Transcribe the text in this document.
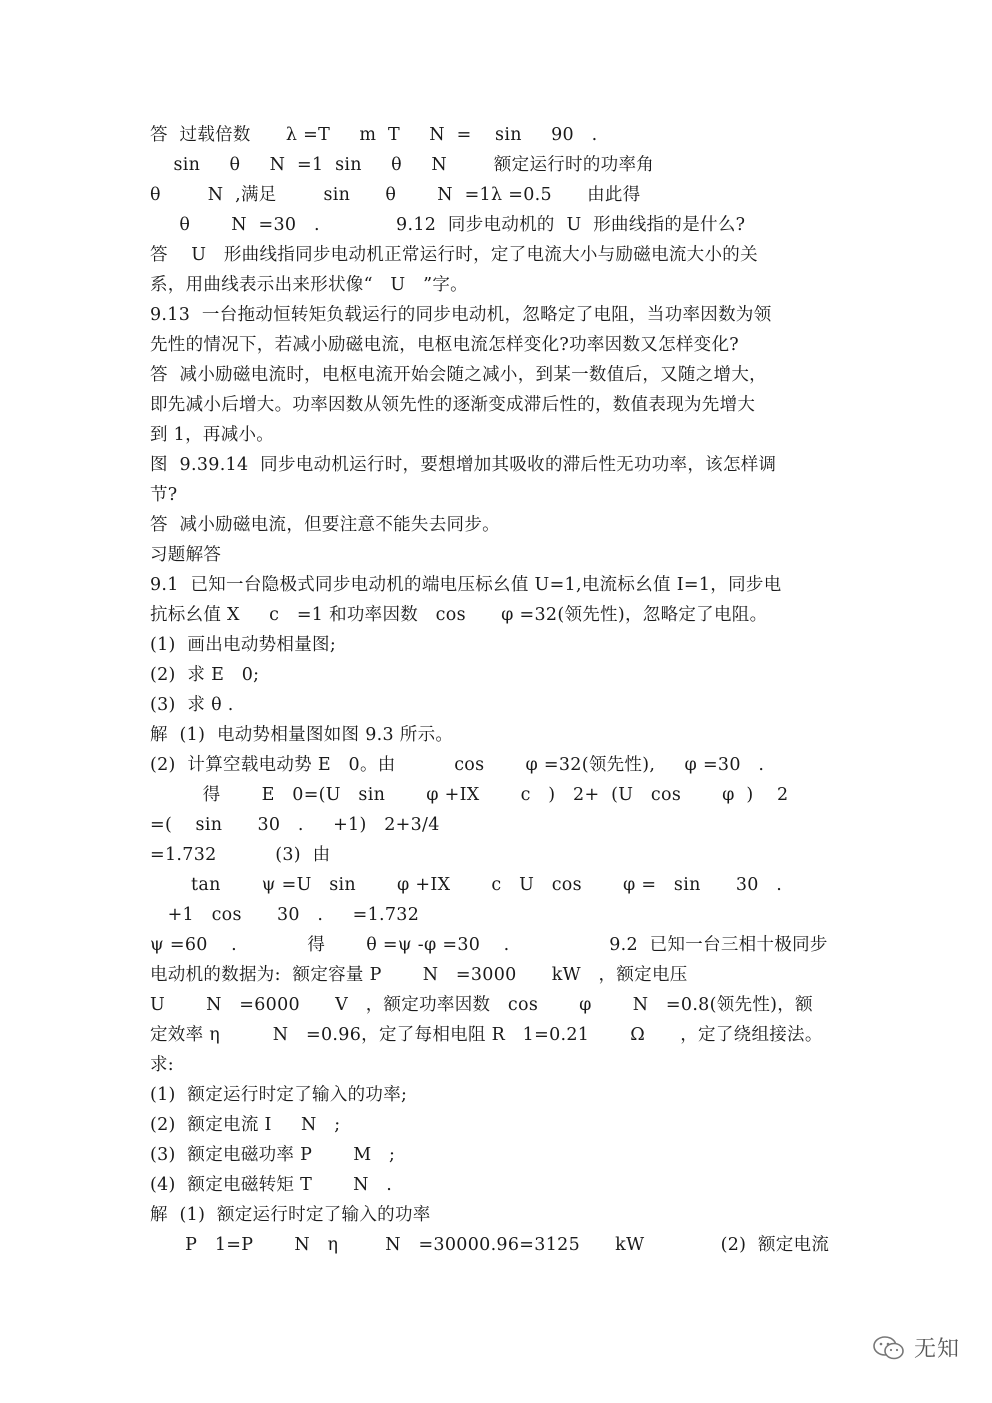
答  过载倍数      λ =T     m  T     N  =    sin     90   .
sin     θ     N  =1  sin     θ     N        额定运行时的功率角
θ        N  ,满足        sin      θ       N  =1λ =0.5      由此得
θ       N  =30   .             9.12  同步电动机的  U  形曲线指的是什么?
答    U   形曲线指同步电动机正常运行时，定了电流大小与励磁电流大小的关
系，用曲线表示出来形状像“   U   ”字。
9.13  一台拖动恒转矩负载运行的同步电动机，忽略定了电阻，当功率因数为领
先性的情况下，若减小励磁电流，电枢电流怎样变化?功率因数又怎样变化?
答  减小励磁电流时，电枢电流开始会随之减小，到某一数值后，又随之增大，
即先减小后增大。功率因数从领先性的逐渐变成滞后性的，数值表现为先增大
到 1，再减小。
图  9.39.14  同步电动机运行时，要想增加其吸收的滞后性无功功率，该怎样调
节?
答  减小励磁电流，但要注意不能失去同步。
习题解答
9.1  已知一台隐极式同步电动机的端电压标幺值 U=1,电流标幺值 I=1，同步电
抗标幺值 X     c   =1 和功率因数   cos      φ =32(领先性)，忽略定了电阻。
(1)  画出电动势相量图;
(2)  求 E   0;
(3)  求 θ .
解  (1)  电动势相量图如图 9.3 所示。
(2)  计算空载电动势 E   0。由          cos       φ =32(领先性),     φ =30   .
得       E   0=(U   sin       φ +IX       c   )   2+  (U   cos       φ  )    2
=(    sin      30   .     +1)   2+3/4
=1.732          (3)  由
tan       ψ =U   sin       φ +IX       c   U   cos       φ =   sin      30   .
+1   cos      30   .     =1.732
ψ =60    .            得       θ =ψ -φ =30    .                 9.2  已知一台三相十极同步
电动机的数据为:  额定容量 P       N   =3000      kW   ，额定电压
U       N   =6000      V   ，额定功率因数   cos       φ       N   =0.8(领先性)，额
定效率 η         N   =0.96，定了每相电阻 R   1=0.21       Ω      ，定了绕组接法。
求:
(1)  额定运行时定了输入的功率;
(2)  额定电流 I     N   ;
(3)  额定电磁功率 P       M   ;
(4)  额定电磁转矩 T       N   .
解  (1)  额定运行时定了输入的功率
P   1=P       N   η        N   =30000.96=3125      kW             (2)  额定电流
无知
